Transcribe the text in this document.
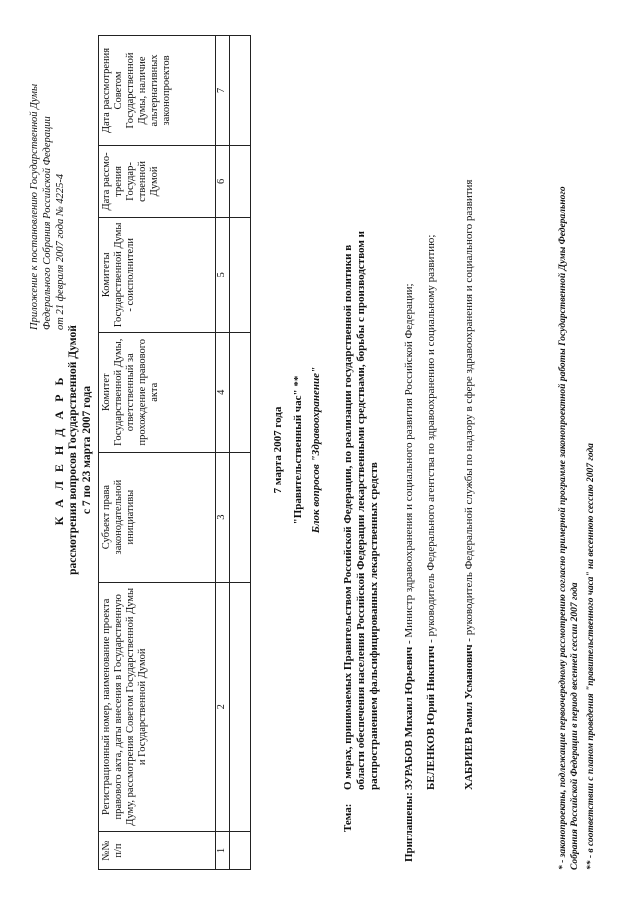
Приложение к постановлению Государственной Думы Федерального Собрания Российской Федерации от 21 февраля 2007 года № 4225-4
К А Л Е Н Д А Р Ь рассмотрения вопросов Государственной Думой с 7 по 23 марта 2007 года
№№ п/п	Регистрационный номер, наименование проекта правового акта, даты внесения в Государственную Думу, рассмотрения Советом Государственной Думы и Государственной Думой	Субъект права законодательной инициативы	Комитет Государственной Думы, ответственный за прохождение правового акта	Комитеты Государственной Думы - соисполнители	Дата рассмо-трения Государ-ственной Думой	Дата рассмотрения Советом Государственной Думы, наличие альтернативных законопроектов
1	2	3	4	5	6	7

7 марта 2007 года "Правительственный час" ** Блок вопросов "Здравоохранение"
Тема:
О мерах, принимаемых Правительством Российской Федерации, по реализации государственной политики в области обеспечения населения Российской Федерации лекарственными средствами, борьбы с производством и распространением фальсифицированных лекарственных средств
Приглашены:
ЗУРАБОВ Михаил Юрьевич - Министр здравоохранения и социального развития Российской Федерации;
БЕЛЕНКОВ Юрий Никитич - руководитель Федерального агентства по здравоохранению и социальному развитию;
ХАБРИЕВ Рамил Усманович - руководитель Федеральной службы по надзору в сфере здравоохранения и социального развития	* - законопроекты, подлежащие первоочередному рассмотрению согласно примерной программе законопроектной работы Государственной Думы Федерального Собрания Российской Федерации в период весенней сессии 2007 года ** - в соответствии с планом проведения "правительственного часа" на весеннюю сессию 2007 года
